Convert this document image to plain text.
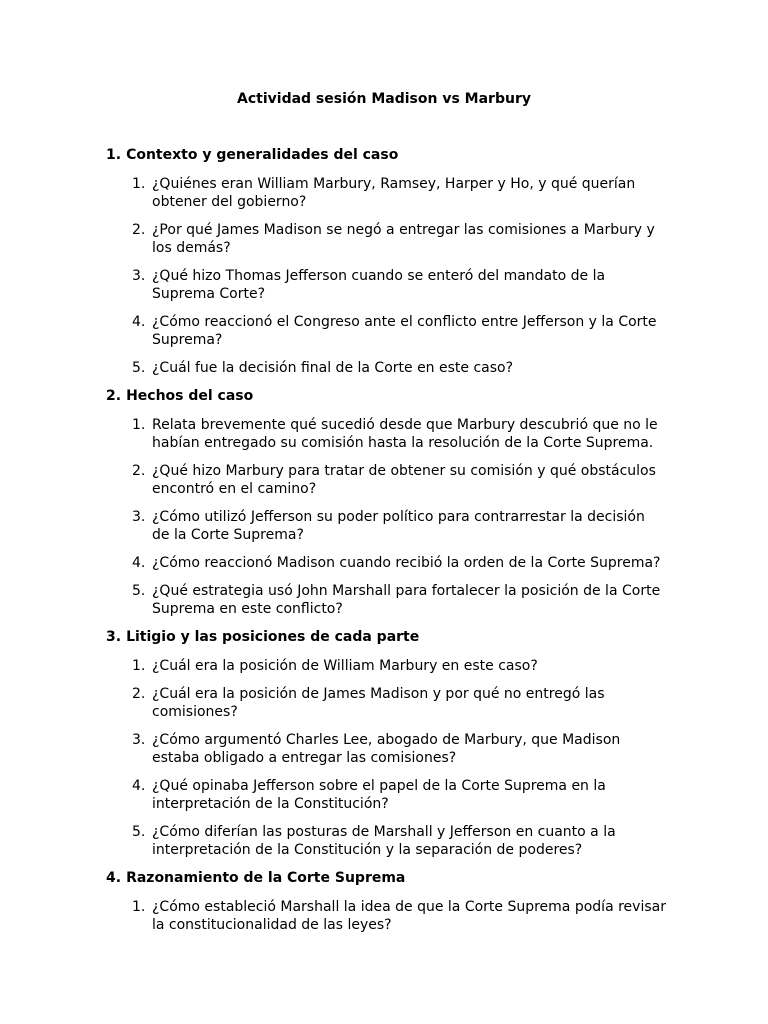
Actividad sesión Madison vs Marbury
1. Contexto y generalidades del caso
1. ¿Quiénes eran William Marbury, Ramsey, Harper y Ho, y qué querían obtener del gobierno?
2. ¿Por qué James Madison se negó a entregar las comisiones a Marbury y los demás?
3. ¿Qué hizo Thomas Jefferson cuando se enteró del mandato de la Suprema Corte?
4. ¿Cómo reaccionó el Congreso ante el conflicto entre Jefferson y la Corte Suprema?
5. ¿Cuál fue la decisión final de la Corte en este caso?
2. Hechos del caso
1. Relata brevemente qué sucedió desde que Marbury descubrió que no le habían entregado su comisión hasta la resolución de la Corte Suprema.
2. ¿Qué hizo Marbury para tratar de obtener su comisión y qué obstáculos encontró en el camino?
3. ¿Cómo utilizó Jefferson su poder político para contrarrestar la decisión de la Corte Suprema?
4. ¿Cómo reaccionó Madison cuando recibió la orden de la Corte Suprema?
5. ¿Qué estrategia usó John Marshall para fortalecer la posición de la Corte Suprema en este conflicto?
3. Litigio y las posiciones de cada parte
1. ¿Cuál era la posición de William Marbury en este caso?
2. ¿Cuál era la posición de James Madison y por qué no entregó las comisiones?
3. ¿Cómo argumentó Charles Lee, abogado de Marbury, que Madison estaba obligado a entregar las comisiones?
4. ¿Qué opinaba Jefferson sobre el papel de la Corte Suprema en la interpretación de la Constitución?
5. ¿Cómo diferían las posturas de Marshall y Jefferson en cuanto a la interpretación de la Constitución y la separación de poderes?
4. Razonamiento de la Corte Suprema
1. ¿Cómo estableció Marshall la idea de que la Corte Suprema podía revisar la constitucionalidad de las leyes?
